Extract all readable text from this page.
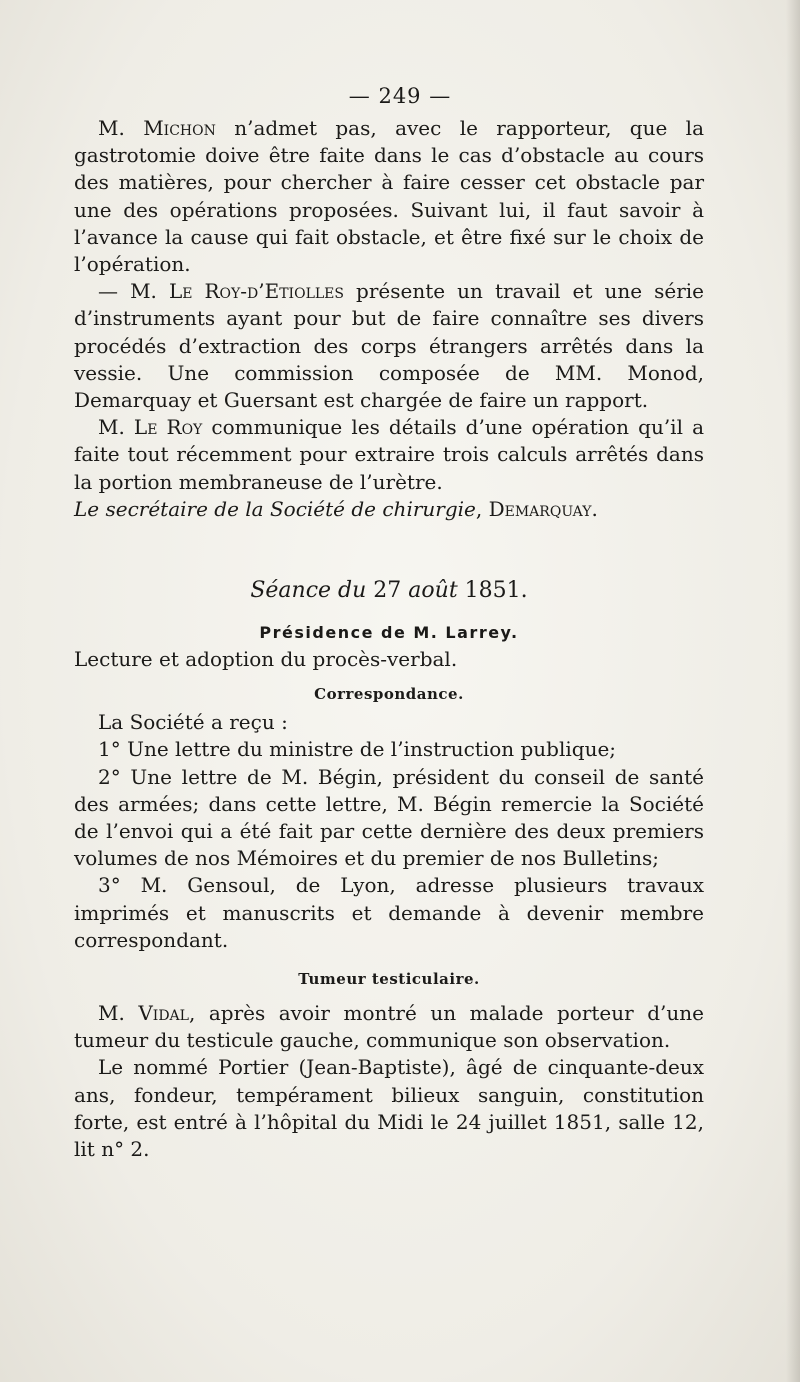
— 249 —

M. Michon n’admet pas, avec le rapporteur, que la gastrotomie doive être faite dans le cas d’obstacle au cours des matières, pour chercher à faire cesser cet obstacle par une des opérations proposées. Suivant lui, il faut savoir à l’avance la cause qui fait obstacle, et être fixé sur le choix de l’opération.

— M. Le Roy-d’Etiolles présente un travail et une série d’instruments ayant pour but de faire connaître ses divers procédés d’extraction des corps étrangers arrêtés dans la vessie. Une commission composée de MM. Monod, Demarquay et Guersant est chargée de faire un rapport.

M. Le Roy communique les détails d’une opération qu’il a faite tout récemment pour extraire trois calculs arrêtés dans la portion membraneuse de l’urètre.

Le secrétaire de la Société de chirurgie, Demarquay.

Séance du 27 août 1851.
Présidence de M. Larrey.

Lecture et adoption du procès-verbal.

Correspondance.

La Société a reçu :

1° Une lettre du ministre de l’instruction publique;

2° Une lettre de M. Bégin, président du conseil de santé des armées; dans cette lettre, M. Bégin remercie la Société de l’envoi qui a été fait par cette dernière des deux premiers volumes de nos Mémoires et du premier de nos Bulletins;

3° M. Gensoul, de Lyon, adresse plusieurs travaux imprimés et manuscrits et demande à devenir membre correspondant.

Tumeur testiculaire.

M. Vidal, après avoir montré un malade porteur d’une tumeur du testicule gauche, communique son observation.

Le nommé Portier (Jean-Baptiste), âgé de cinquante-deux ans, fondeur, tempérament bilieux sanguin, constitution forte, est entré à l’hôpital du Midi le 24 juillet 1851, salle 12, lit n° 2.
